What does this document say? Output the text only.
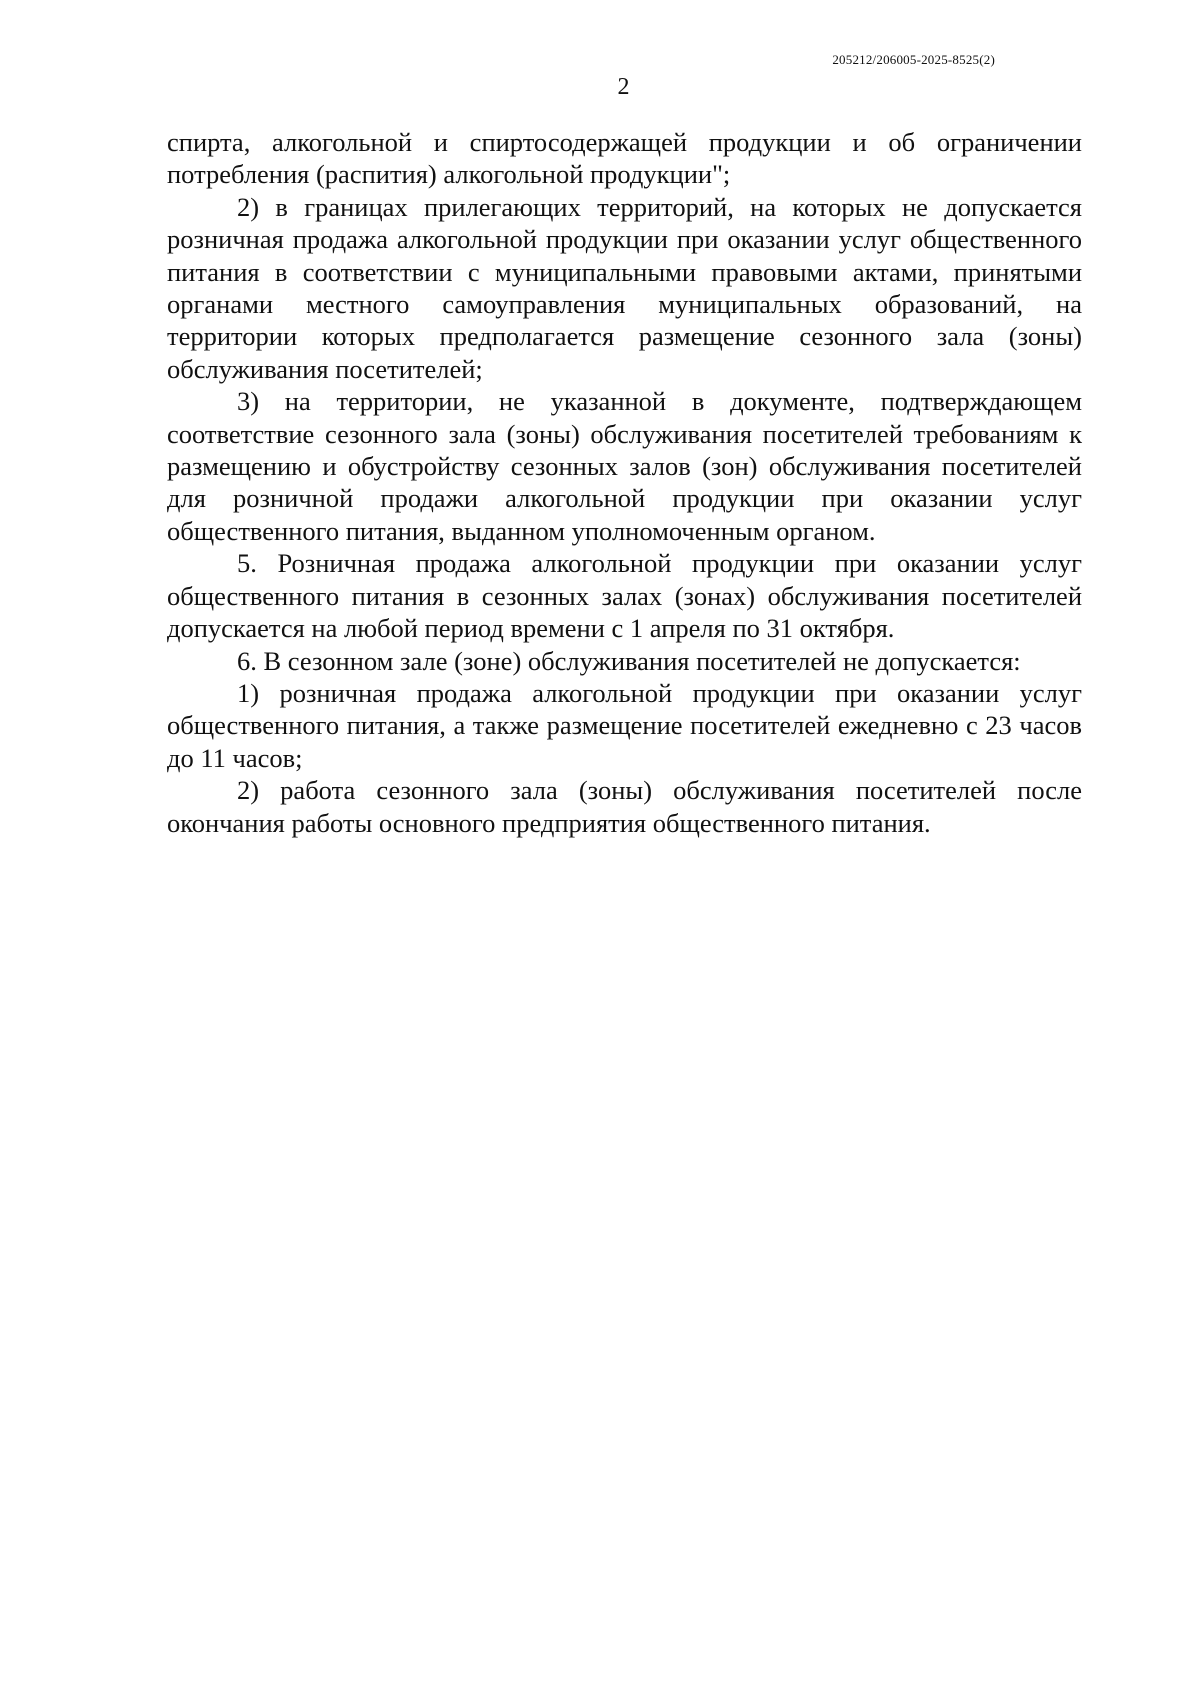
205212/206005-2025-8525(2)
2

спирта, алкогольной и спиртосодержащей продукции и об ограничении потребления (распития) алкогольной продукции";

2) в границах прилегающих территорий, на которых не допускается розничная продажа алкогольной продукции при оказании услуг общественного питания в соответствии с муниципальными правовыми актами, принятыми органами местного самоуправления муниципальных образований, на территории которых предполагается размещение сезонного зала (зоны) обслуживания посетителей;

3) на территории, не указанной в документе, подтверждающем соответствие сезонного зала (зоны) обслуживания посетителей требованиям к размещению и обустройству сезонных залов (зон) обслуживания посетителей для розничной продажи алкогольной продукции при оказании услуг общественного питания, выданном уполномоченным органом.

5. Розничная продажа алкогольной продукции при оказании услуг общественного питания в сезонных залах (зонах) обслуживания посетителей допускается на любой период времени с 1 апреля по 31 октября.

6. В сезонном зале (зоне) обслуживания посетителей не допускается:

1) розничная продажа алкогольной продукции при оказании услуг общественного питания, а также размещение посетителей ежедневно с 23 часов до 11 часов;

2) работа сезонного зала (зоны) обслуживания посетителей после окончания работы основного предприятия общественного питания.
